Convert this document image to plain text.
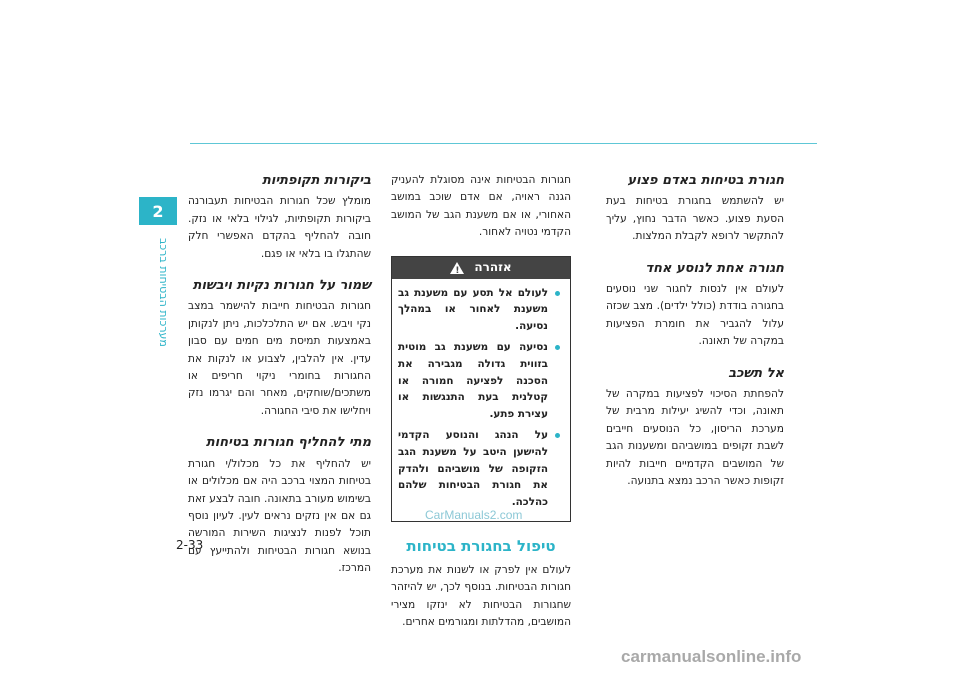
2
מערכות הבטיחות ברכב
חגורת בטיחות באדם פצוע

יש להשתמש בחגורת בטיחות בעת הסעת פצוע. כאשר הדבר נחוץ, עליך להתקשר לרופא לקבלת המלצות.

חגורה אחת לנוסע אחד

לעולם אין לנסות לחגור שני נוסעים בחגורה בודדת (כולל ילדים). מצב שכזה עלול להגביר את חומרת הפציעות במקרה של תאונה.

אל תשכב

להפחתת הסיכוי לפציעות במקרה של תאונה, וכדי להשיג יעילות מרבית של מערכת הריסון, כל הנוסעים חייבים לשבת זקופים במושביהם ומשענות הגב של המושבים הקדמיים חייבות להיות זקופות כאשר הרכב נמצא בתנועה.

חגורות הבטיחות אינה מסוגלת להעניק הגנה ראויה, אם אדם שוכב במושב האחורי, או אם משענת הגב של המושב הקדמי נטויה לאחור.

אזהרה
!
לעולם אל תסע עם משענת גב משענת לאחור או במהלך נסיעה.
נסיעה עם משענת גב מוטית בזווית גדולה מגבירה את הסכנה לפציעה חמורה או קטלנית בעת התנגשות או עצירת פתע.
על הנהג והנוסע הקדמי להישען היטב על משענת הגב הזקופה של מושביהם ולהדק את חגורת הבטיחות שלהם כהלכה.
טיפול בחגורת בטיחות

לעולם אין לפרק או לשנות את מערכת חגורות הבטיחות. בנוסף לכך, יש להיזהר שחגורות הבטיחות לא ינזקו מצירי המושבים, מהדלתות ומגורמים אחרים.

ביקורות תקופתיות

מומלץ שכל חגורות הבטיחות תעבורנה ביקורות תקופתיות, לגילוי בלאי או נזק. חובה להחליף בהקדם האפשרי חלק שהתגלו בו בלאי או פגם.

שמור על חגורות נקיות ויבשות

חגורות הבטיחות חייבות להישמר במצב נקי ויבש. אם יש התלכלכות, ניתן לנקותן באמצעות תמיסת מים חמים עם סבון עדין. אין להלבין, לצבוע או לנקות את החגורות בחומרי ניקוי חריפים או משתכים/שוחקים, מאחר והם יגרמו נזק ויחלישו את סיבי החגורה.

מתי להחליף חגורות בטיחות

יש להחליף את כל מכלול/י חגורת בטיחות המצוי ברכב היה אם מכלולים או בשימוש מעורב בתאונה. חובה לבצע זאת גם אם אין נזקים נראים לעין. לעיון נוסף תוכל לפנות לנציגות השירות המורשה בנושא חגורות הבטיחות ולהתייעץ עם המרכז.

2-33
CarManuals2.com
carmanualsonline.info
